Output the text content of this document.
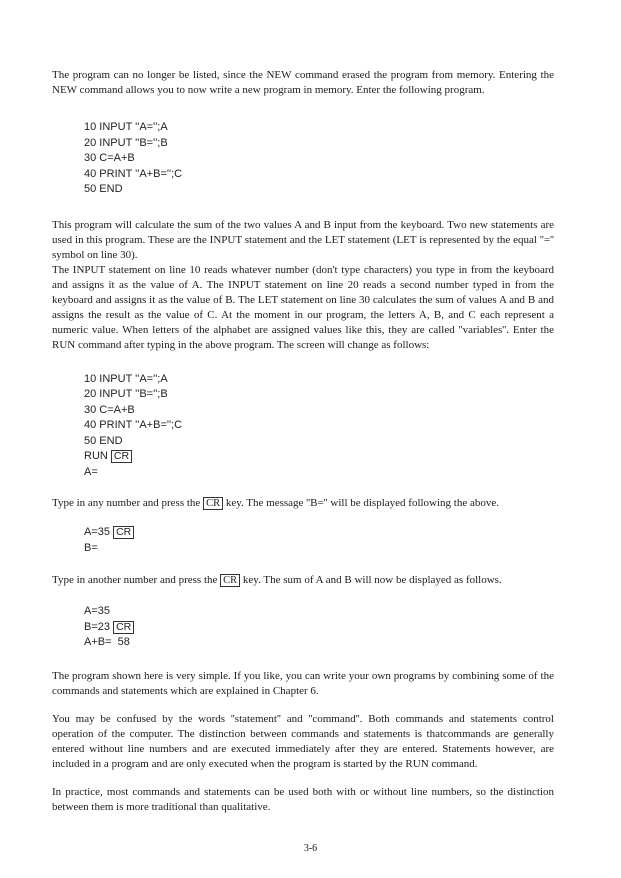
The program can no longer be listed, since the NEW command erased the program from memory. Entering the NEW command allows you to now write a new program in memory. Enter the following program.

10 INPUT ''A='';A
20 INPUT ''B='';B
30 C=A+B
40 PRINT ''A+B='';C
50 END

This program will calculate the sum of the two values A and B input from the keyboard. Two new statements are used in this program. These are the INPUT statement and the LET statement (LET is represented by the equal ''='' symbol on line 30).

The INPUT statement on line 10 reads whatever number (don't type characters) you type in from the keyboard and assigns it as the value of A. The INPUT statement on line 20 reads a second number typed in from the keyboard and assigns it as the value of B. The LET statement on line 30 calculates the sum of values A and B and assigns the result as the value of C. At the moment in our program, the letters A, B, and C each represent a numeric value. When letters of the alphabet are assigned values like this, they are called ''variables''. Enter the RUN command after typing in the above program. The screen will change as follows:

10 INPUT ''A='';A
20 INPUT ''B='';B
30 C=A+B
40 PRINT ''A+B='';C
50 END
RUN CR
A=

Type in any number and press the CR key. The message ''B='' will be displayed following the above.

A=35 CR
B=

Type in another number and press the CR key. The sum of A and B will now be displayed as follows.

A=35
B=23 CR
A+B=  58

The program shown here is very simple. If you like, you can write your own programs by combining some of the commands and statements which are explained in Chapter 6.

You may be confused by the words ''statement'' and ''command''. Both commands and statements control operation of the computer. The distinction between commands and statements is thatcommands are generally entered without line numbers and are executed immediately after they are entered. Statements however, are included in a program and are only executed when the program is started by the RUN command.

In practice, most commands and statements can be used both with or without line numbers, so the distinction between them is more traditional than qualitative.

3-6
